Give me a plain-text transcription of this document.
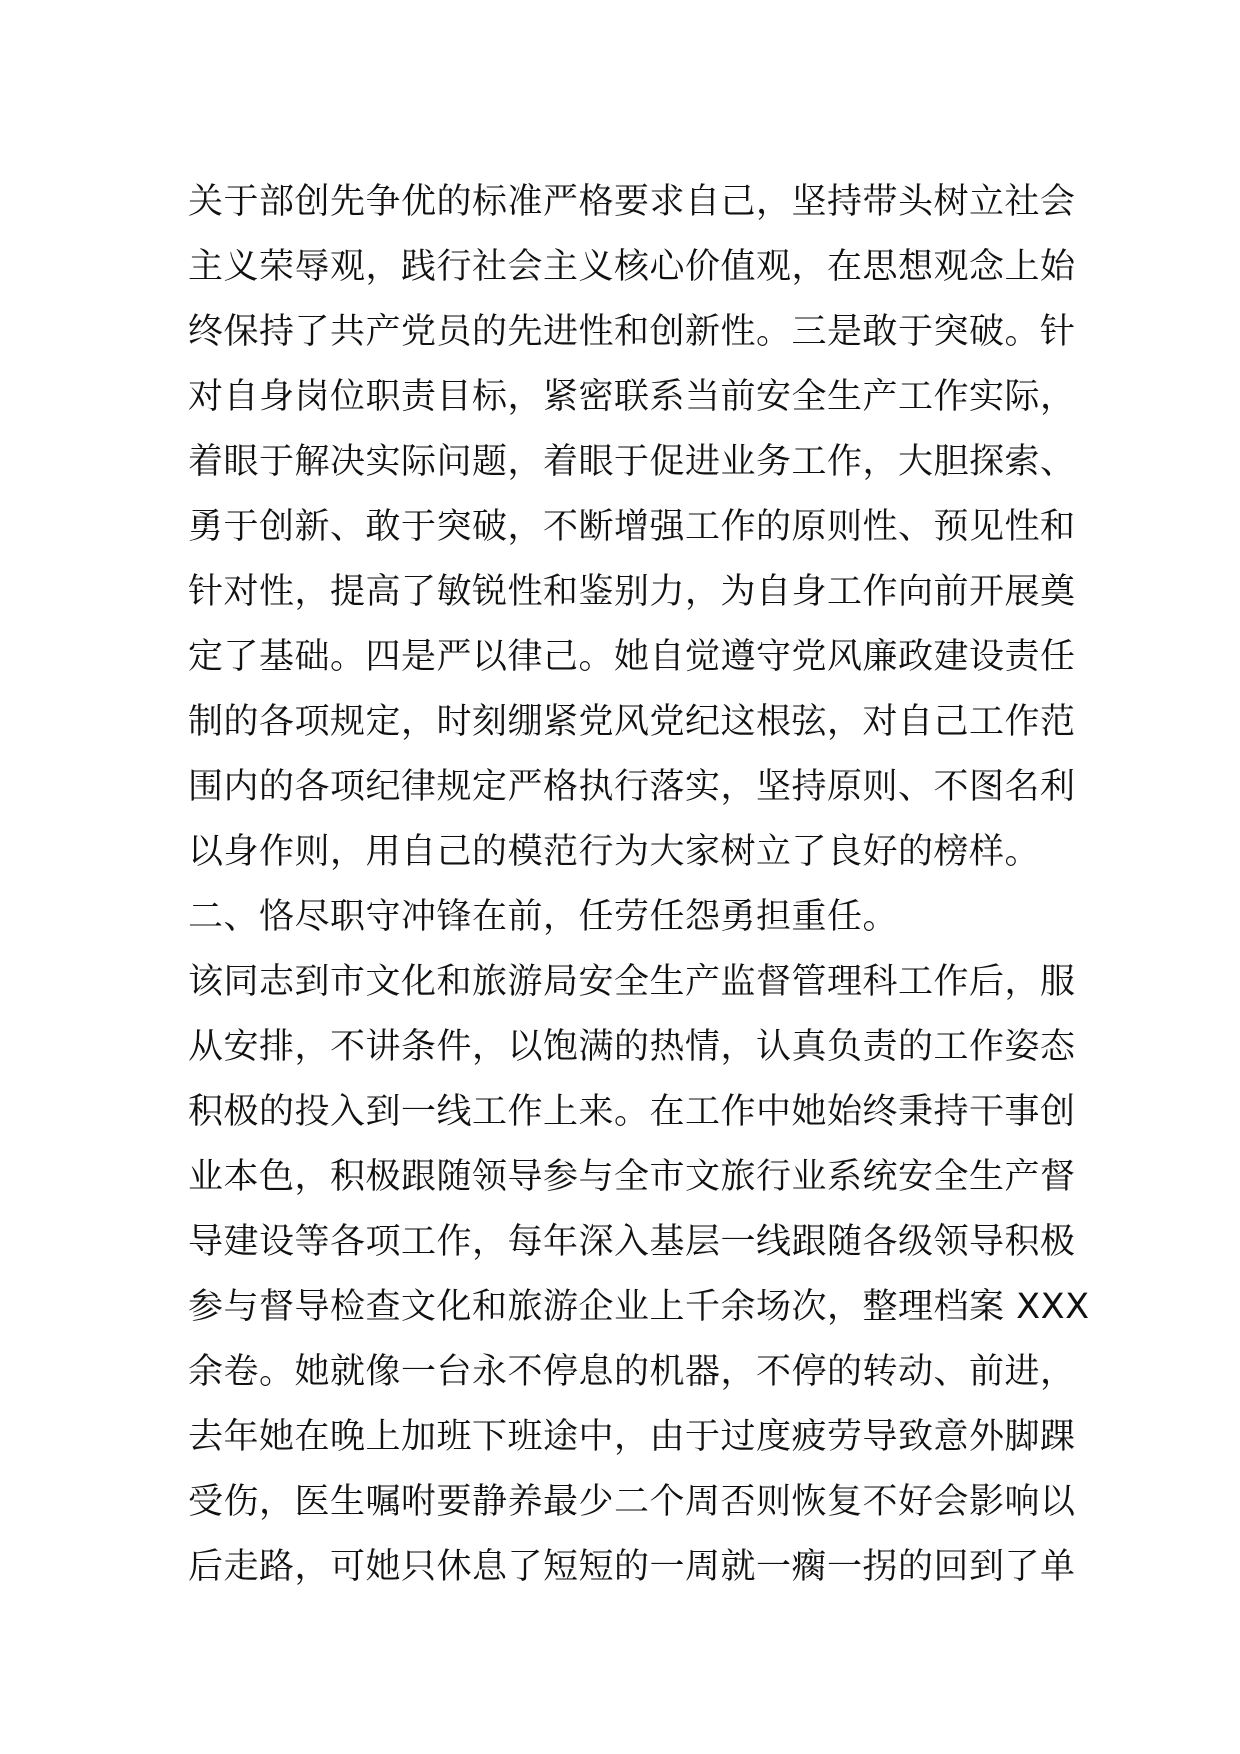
关于部创先争优的标准严格要求自己，坚持带头树立社会
主义荣辱观，践行社会主义核心价值观，在思想观念上始
终保持了共产党员的先进性和创新性。三是敢于突破。针
对自身岗位职责目标，紧密联系当前安全生产工作实际，
着眼于解决实际问题，着眼于促进业务工作，大胆探索、
勇于创新、敢于突破，不断增强工作的原则性、预见性和
针对性，提高了敏锐性和鉴别力，为自身工作向前开展奠
定了基础。四是严以律己。她自觉遵守党风廉政建设责任
制的各项规定，时刻绷紧党风党纪这根弦，对自己工作范
围内的各项纪律规定严格执行落实，坚持原则、不图名利
以身作则，用自己的模范行为大家树立了良好的榜样。
二、恪尽职守冲锋在前，任劳任怨勇担重任。
该同志到市文化和旅游局安全生产监督管理科工作后，服
从安排，不讲条件，以饱满的热情，认真负责的工作姿态
积极的投入到一线工作上来。在工作中她始终秉持干事创
业本色，积极跟随领导参与全市文旅行业系统安全生产督
导建设等各项工作，每年深入基层一线跟随各级领导积极
参与督导检查文化和旅游企业上千余场次，整理档案 XXX
余卷。她就像一台永不停息的机器，不停的转动、前进，
去年她在晚上加班下班途中，由于过度疲劳导致意外脚踝
受伤，医生嘱咐要静养最少二个周否则恢复不好会影响以
后走路，可她只休息了短短的一周就一瘸一拐的回到了单
